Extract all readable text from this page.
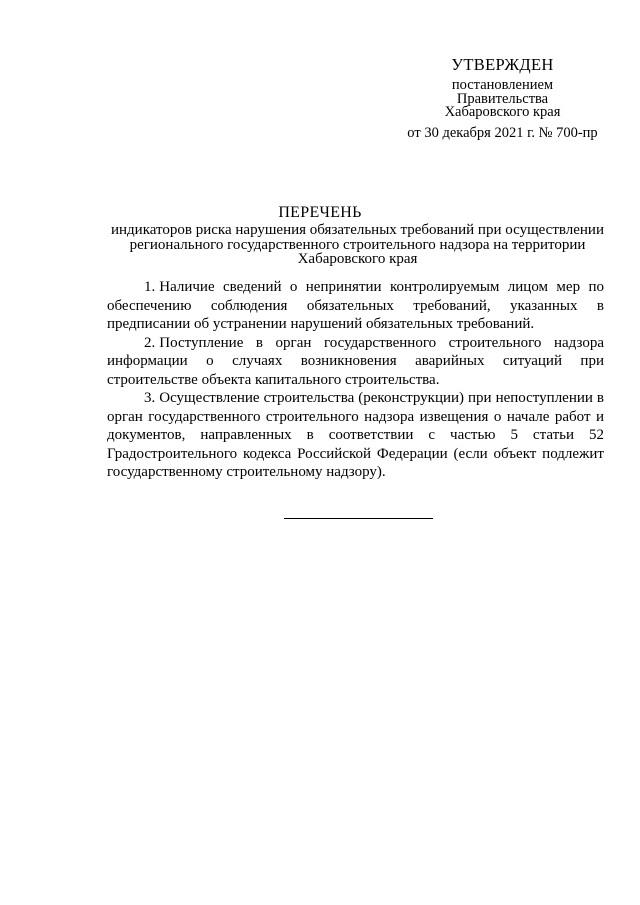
УТВЕРЖДЕН
постановлением
Правительства
Хабаровского края
от 30 декабря 2021 г. № 700-пр
ПЕРЕЧЕНЬ
индикаторов риска нарушения обязательных требований при осуществлении регионального государственного строительного надзора на территории Хабаровского края

1. Наличие сведений о непринятии контролируемым лицом мер по обеспечению соблюдения обязательных требований, указанных в предписании об устранении нарушений обязательных требований.

2. Поступление в орган государственного строительного надзора информации о случаях возникновения аварийных ситуаций при строительстве объекта капитального строительства.

3. Осуществление строительства (реконструкции) при непоступлении в орган государственного строительного надзора извещения о начале работ и документов, направленных в соответствии с частью 5 статьи 52 Градостроительного кодекса Российской Федерации (если объект подлежит государственному строительному надзору).
